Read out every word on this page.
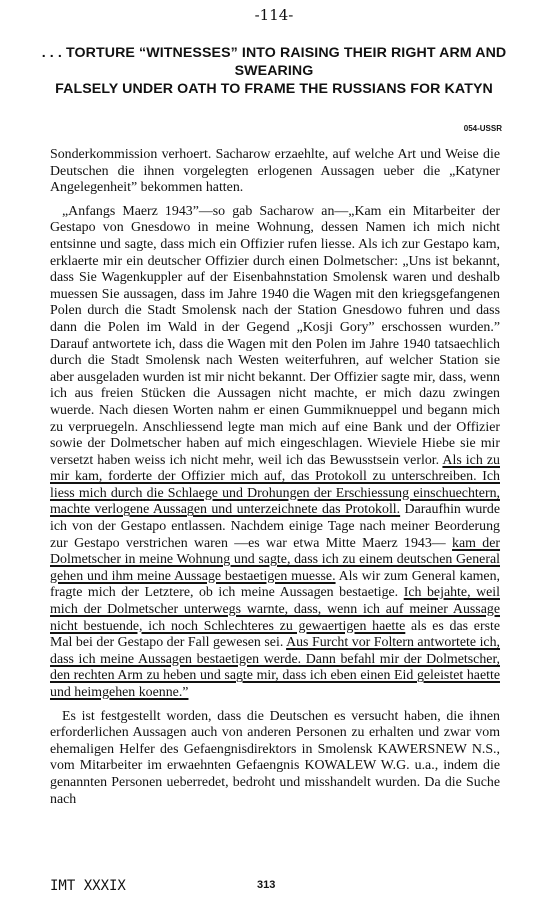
-114-
. . . TORTURE “WITNESSES” INTO RAISING THEIR RIGHT ARM AND SWEARING
FALSELY UNDER OATH TO FRAME THE RUSSIANS FOR KATYN
054-USSR

Sonderkommission verhoert. Sacharow erzaehlte, auf welche Art und Weise die Deutschen die ihnen vorgelegten erlogenen Aussagen ueber die „Katyner Angelegenheit” bekommen hatten.

„Anfangs Maerz 1943”—so gab Sacharow an—„Kam ein Mitarbeiter der Gestapo von Gnesdowo in meine Wohnung, dessen Namen ich mich nicht entsinne und sagte, dass mich ein Offizier rufen liesse. Als ich zur Gestapo kam, erklaerte mir ein deutscher Offizier durch einen Dolmetscher: „Uns ist bekannt, dass Sie Wagenkuppler auf der Eisenbahnstation Smolensk waren und deshalb muessen Sie aussagen, dass im Jahre 1940 die Wagen mit den kriegsgefangenen Polen durch die Stadt Smolensk nach der Station Gnesdowo fuhren und dass dann die Polen im Wald in der Gegend „Kosji Gory” erschossen wurden.” Darauf antwortete ich, dass die Wagen mit den Polen im Jahre 1940 tatsaechlich durch die Stadt Smolensk nach Westen weiterfuhren, auf welcher Station sie aber ausgeladen wurden ist mir nicht bekannt. Der Offizier sagte mir, dass, wenn ich aus freien Stücken die Aussagen nicht machte, er mich dazu zwingen wuerde. Nach diesen Worten nahm er einen Gummiknueppel und begann mich zu verpruegeln. Anschliessend legte man mich auf eine Bank und der Offizier sowie der Dolmetscher haben auf mich eingeschlagen. Wieviele Hiebe sie mir versetzt haben weiss ich nicht mehr, weil ich das Bewusstsein verlor. Als ich zu mir kam, forderte der Offizier mich auf, das Protokoll zu unterschreiben. Ich liess mich durch die Schlaege und Drohungen der Erschiessung einschuechtern, machte verlogene Aussagen und unterzeichnete das Protokoll. Daraufhin wurde ich von der Gestapo entlassen. Nachdem einige Tage nach meiner Beorderung zur Gestapo verstrichen waren —es war etwa Mitte Maerz 1943— kam der Dolmetscher in meine Wohnung und sagte, dass ich zu einem deutschen General gehen und ihm meine Aussage bestaetigen muesse. Als wir zum General kamen, fragte mich der Letztere, ob ich meine Aussagen bestaetige. Ich bejahte, weil mich der Dolmetscher unterwegs warnte, dass, wenn ich auf meiner Aussage nicht bestuende, ich noch Schlechteres zu gewaertigen haette als es das erste Mal bei der Gestapo der Fall gewesen sei. Aus Furcht vor Foltern antwortete ich, dass ich meine Aussagen bestaetigen werde. Dann befahl mir der Dolmetscher, den rechten Arm zu heben und sagte mir, dass ich eben einen Eid geleistet haette und heimgehen koenne.”

Es ist festgestellt worden, dass die Deutschen es versucht haben, die ihnen erforderlichen Aussagen auch von anderen Personen zu erhalten und zwar vom ehemaligen Helfer des Gefaengnisdirektors in Smolensk KAWERSNEW N.S., vom Mitarbeiter im erwaehnten Gefaengnis KOWALEW W.G. u.a., indem die genannten Personen ueberredet, bedroht und misshandelt wurden. Da die Suche nach

IMT XXXIX	313
